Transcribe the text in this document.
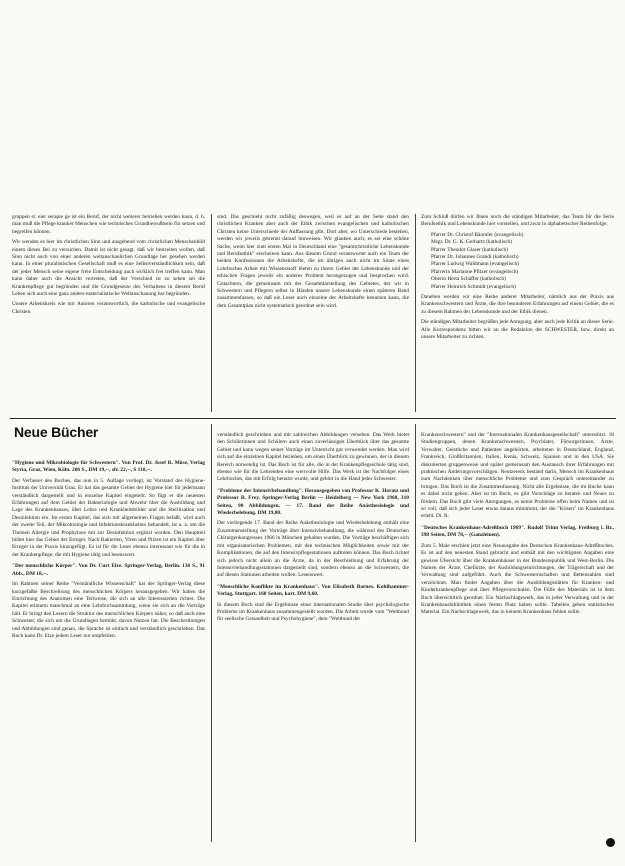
gruppen st. eier serapie ge ist ein Beruf, der nicht weiterer betrieben werden kann, d. h. man muß die Pflege kranker Menschen wie technisches Grundbewußtsein für setzen und begreifen können.

Wir wenden es hier im christlichen Sinn und ausgehend vom christlichen Menschenbild einem dieses Bei zu versuchen. Damit ist nicht gesagt, daß wir bestreiten wollen, daß Sinn nicht auch von einer anderen weltanschaulichen Grundlage her gesehen werden kann. In einer pluralistischen Gesellschaft muß es eine Selbstverständlichkeit sein, daß der jeder Mensch seine eigene freie Entscheidung auch wirklich frei treffen kann. Man kann daher auch die Ansicht vertreten, daß der Verschied ist zu sehen sei die Krankenpflege gut begründen und die Grundgesetze des Verhaltens in diesem Beruf Leben sich auch eine ganz andere materialistische Weltanschauung her begründen.

Unsere Arbeitskreis wie mir Autoren verantwortlich, die katholische und evangelische Christen

sind. Das geschieht nicht zufällig deswegen, weil es auf an der Seite stand den christlichen Kranken aber auch der Ethik zwischen evangelischen und katholischen Christen keine Unterschiede der Auffassung gibt. Dort aber, wo Unterschiede bestehen, werden wir jeweils getrennt darauf hinweisen. Wir glauben auch, es sei eine schöne Sache, wenn hier zum ersten Mal in Deutschland eine "gesamtchristliche Lebenskunde und Berufsethik" erscheinen kann. Aus diesem Grund verantwortet auch ein Team der beiden Konfessionen die Arbeitshefte, die im übrigen auch nicht im Sinne eines Lehrbuches Arbeit mit Wissensstoff bieten zu ihrem Gebiet der Lebenskunde und der ethischen Fragen jeweils ein anderes Problem herangezogen und besprochen wird. Gutachtern, die gemeinsam mit der Gesamtdarstellung des Gebietes, der wir in Schwestern und Pflegern selbst in Händen unsere Lebenskunde einen späteren Band zusammenfassen, so daß ein Leser auch einzelne der Arbeitshefte benutzen kann, die dem Gesamtplan nicht systematisch geordnet sein wird.

Zum Schluß dürfen wir Ihnen noch die ständigen Mitarbeiter, das Team für die Serie Berufsethik und Lebenskunde hier vorstellen, und zwar in alphabetischer Reihenfolge:

Pfarrer Dr. Christof Bäumler (evangelisch)
Msgr. Dr. G. K. Gerhartz (katholisch)
Pfarrer Theodor Glaser (katholisch)
Pfarrer Dr. Johannes Grandi (katholisch)
Pfarrer Ludwig Waldmann (evangelisch)
Pfarrerin Marianne Pfitzer (evangelisch)
Oberin Herta Schäffer (katholisch)
Pfarrer Heinrich Schmidt (evangelisch)

Daneben werden wir eine Reihe anderer Mitarbeiter, nämlich aus der Praxis aus Krankenschwestern und Ärzte, die ihre besonderen Erfahrungen auf einem Gebiet, die es zu diesem Rahmen der Lebenskunde und der Ethik dienen.

Die ständigen Mitarbeiter begrüßen jede Anregung, aber auch jede Kritik an dieser Serie. Alle Korrespondenz bitten wir an die Redaktion der SCHWESTER, bzw. direkt an unsere Mitarbeiter zu richten.

Neue Bücher

"Hygiene und Mikrobiologie für Schwestern". Von Prof. Dr. Josef R. Möse, Verlag Styria, Graz, Wien, Köln. 206 S., DM 19,--, sfr. 22,--, S 118,--.

Der Verfasser des Buches, das nun in 5. Auflage vorliegt, ist Vorstand des Hygiene-Instituts der Universität Graz. Er hat das gesamte Gebiet der Hygiene hier für jedermann verständlich dargestellt und in einzelne Kapitel eingeteilt. So fügt er die neuesten Erfahrungen auf dem Gebiet der Bakteriologie und Abwehr über die Ausbildung und Lage des Krankenhauses, über Lehre und Krankheitsbilder und die Sterilisation und Desinfektion ein. Im ersten Kapitel, das sich mit allgemeinen Fragen befaßt, wird auch der zweite Teil, der Mikrobiologie und Infektionskrankheiten behandelt, ist u. a. um die Themen Allergie und Prophylaxe mit zur Desinfektion ergänzt worden. Den Hauptteil bildet hier das Gebiet der Erreger. Nach Bakterien, Viren und Pilzen ist ein Kapitel über Erreger in der Praxis hinzugefügt. Es ist für die Leser ebenso interessant wie für die in der Krankenpflege, die mit Hygiene tätig und lesenswert.

"Der menschliche Körper". Von Dr. Curt Elze. Springer-Verlag, Berlin. 136 S., 91 Abb., DM 18,--.

Im Rahmen seiner Reihe "Verständliche Wissenschaft" hat der Springer-Verlag diese kurzgefaßte Beschreibung des menschlichen Körpers herausgegeben. Wir haben die Einrichtung des Anatomen eine Teilweise, die sich an alle Interessierten richtet. Die Kapitel erinnern manchmal an eine Lehrbuchsammlung, wenn sie sich an die Vorträge hält. Er bringt den Lesern die Struktur des menschlichen Körpers näher, so daß auch eine Schwester, die sich um die Grundlagen bemüht, davon Nutzen hat. Die Beschreibungen und Abbildungen sind genau, die Sprache ist einfach und verständlich geschrieben. Das Buch kann Dr. Elze jedem Leser nur empfehlen.

verständlich geschrieben und mit zahlreichen Abbildungen versehen. Das Werk bietet den Schülerinnen und Schülern auch einen zuverlässigen Überblick über das gesamte Gebiet und kann wegen seiner Vorzüge im Unterricht gut verwendet werden. Man wird sich auf die einzelnen Kapitel beziehen, um einen Überblick zu gewinnen, der in diesem Bereich notwendig ist. Das Buch ist für alle, die in der Krankenpflegeschule tätig sind, ebenso wie für die Lehrenden eine wertvolle Hilfe. Das Werk ist der Nachfolger eines Lehrbuches, das mit Erfolg benutzt wurde, und gehört in die Hand jeder Schwester.

"Probleme der Intensivbehandlung". Herausgegeben von Professor K. Horatz und Professor R. Frey. Springer-Verlag Berlin — Heidelberg — New York 1968, 310 Seiten, 90 Abbildungen. — 17. Band der Reihe Anästhesiologie und Wiederbelebung. DM 19,80.

Der vorliegende 17. Band der Reihe Anästhesiologie und Wiederbelebung enthält eine Zusammenstellung der Vorträge über Intensivbehandlung, die während des Deutschen Chirurgenkongresses 1966 in München gehalten wurden. Die Vorträge beschäftigen sich mit organisatorischen Problemen, mit den technischen Möglichkeiten sowie mit der Komplikationen, die auf den Intensivpflegestationen auftreten können. Das Buch richtet sich jedoch nicht allein an die Ärzte, da in der Beschreibung und Erfahrung der Intensivbehandlungsstationen dargestellt sind, sondern ebenso an die Schwestern, die auf diesen Stationen arbeiten wollen. Lesenswert.

"Menschliche Konflikte im Krankenhaus". Von Elisabeth Barnes. Kohlhammer-Verlag, Stuttgart. 160 Seiten, kart. DM 9,60.

In diesem Buch sind die Ergebnisse einer internationalen Studie über psychologische Probleme im Krankenhaus zusammengestellt worden. Die Arbeit wurde vom "Weltbund für seelische Gesundheit und Psychohygiene", dem "Weltbund der

Krankenschwestern" und der "Internationalen Krankenhausgesellschaft" unterstützt. 18 Studiengruppen, denen Krankenschwestern, Psychiater, Fürsorgerinnen, Ärzte, Verwalter, Geistliche und Patienten angehörten, arbeiteten in Deutschland, England, Frankreich, Großbritannien, Italien, Kenia, Schweiz, Spanien und in den USA. Sie diskutierten gruppenweise und später gemeinsam den Austausch ihrer Erfahrungen mit praktischen Änderungsvorschlägen. Neutzereck bestand darin, Mensch im Krankenhaus zum Nachdenken über menschliche Probleme und zum Gespräch untereinander zu bringen. Das Buch ist die Zusammenfassung. Nicht alle Ergebnisse, die im Buche kann es dabei nicht geben. Aber ist im Buch, es gibt Vorschläge zu beraten und Neues zu fördern. Das Buch gibt viele Anregungen, es nennt Probleme offen beim Namen und ist so voll, daß sich jeder Leser etwas daraus mitnimmt, der die "Krisen" im Krankenhaus erlebt. Dr. R.

"Deutsches Krankenhaus-Adreßbuch 1969". Rudolf Trinn Verlag, Freiburg i. Br., 398 Seiten, DM 78,-- (Ganzleinen).

Zum 5. Male erschien jetzt eine Neuausgabe des Deutschen Krankenhaus-Adreßbuches. Es ist auf den neuesten Stand gebracht und enthält mit den wichtigsten Angaben eine gewisse Übersicht über die Krankenhäuser in der Bundesrepublik und West-Berlin. Die Namen der Ärzte, Chefärzte, der Ausbildungseinrichtungen, der Trägerschaft und der Verwaltung sind aufgeführt. Auch die Schwesternschaften und Bettenzahlen sind verzeichnet. Man findet Angaben über die Ausbildungsstätten für Kranken- und Kinderkrankenpflege und über Pflegevorschulen. Die Fülle des Materials ist in dem Buch übersichtlich geordnet. Ein Nachschlagewerk, das in jeder Verwaltung und in der Krankenhausbibliothek einen festen Platz haben sollte. Tabellen geben statistisches Material. Ein Nachschlagewerk, das in keinem Krankenhaus fehlen sollte.
